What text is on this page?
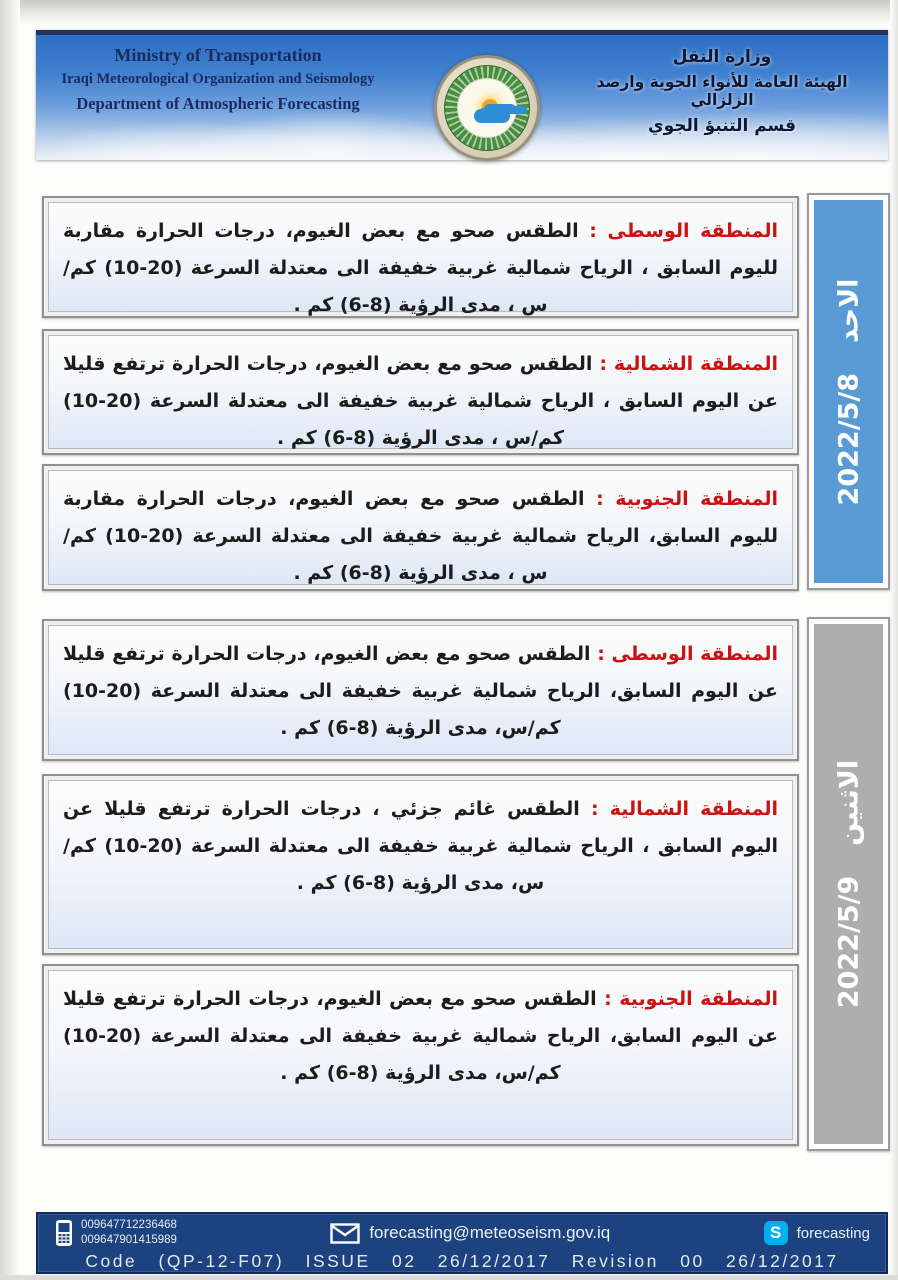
Ministry of Transportation
Iraqi Meteorological Organization and Seismology
Department of Atmospheric Forecasting
وزارة النقل
الهيئة العامة للأنواء الجوية وارصد الزلزالي
قسم التنبؤ الجوي

المنطقة الوسطى : الطقس صحو مع بعض الغيوم، درجات الحرارة مقاربة لليوم السابق ، الرياح شمالية غربية خفيفة الى معتدلة السرعة (20-10) كم/س ، مدى الرؤية (8-6) كم .

المنطقة الشمالية : الطقس صحو مع بعض الغيوم، درجات الحرارة ترتفع قليلا عن اليوم السابق ، الرياح شمالية غربية خفيفة الى معتدلة السرعة (20-10) كم/س ، مدى الرؤية (8-6) كم .

المنطقة الجنوبية : الطقس صحو مع بعض الغيوم، درجات الحرارة مقاربة لليوم السابق، الرياح شمالية غربية خفيفة الى معتدلة السرعة (20-10) كم/س ، مدى الرؤية (8-6) كم .

الاحد
2022/5/8

المنطقة الوسطى : الطقس صحو مع بعض الغيوم، درجات الحرارة ترتفع قليلا عن اليوم السابق، الرياح شمالية غربية خفيفة الى معتدلة السرعة (20-10) كم/س، مدى الرؤية (8-6) كم .

المنطقة الشمالية : الطقس غائم جزئي ، درجات الحرارة ترتفع قليلا عن اليوم السابق ، الرياح شمالية غربية خفيفة الى معتدلة السرعة (20-10) كم/س، مدى الرؤية (8-6) كم .

المنطقة الجنوبية : الطقس صحو مع بعض الغيوم، درجات الحرارة ترتفع قليلا عن اليوم السابق، الرياح شمالية غربية خفيفة الى معتدلة السرعة (20-10) كم/س، مدى الرؤية (8-6) كم .

الاثنين
2022/5/9
009647712236468
009647901415989	forecasting@meteoseism.gov.iq	S	forecasting
Code (QP-12-F07) ISSUE 02 26/12/2017 Revision 00 26/12/2017
